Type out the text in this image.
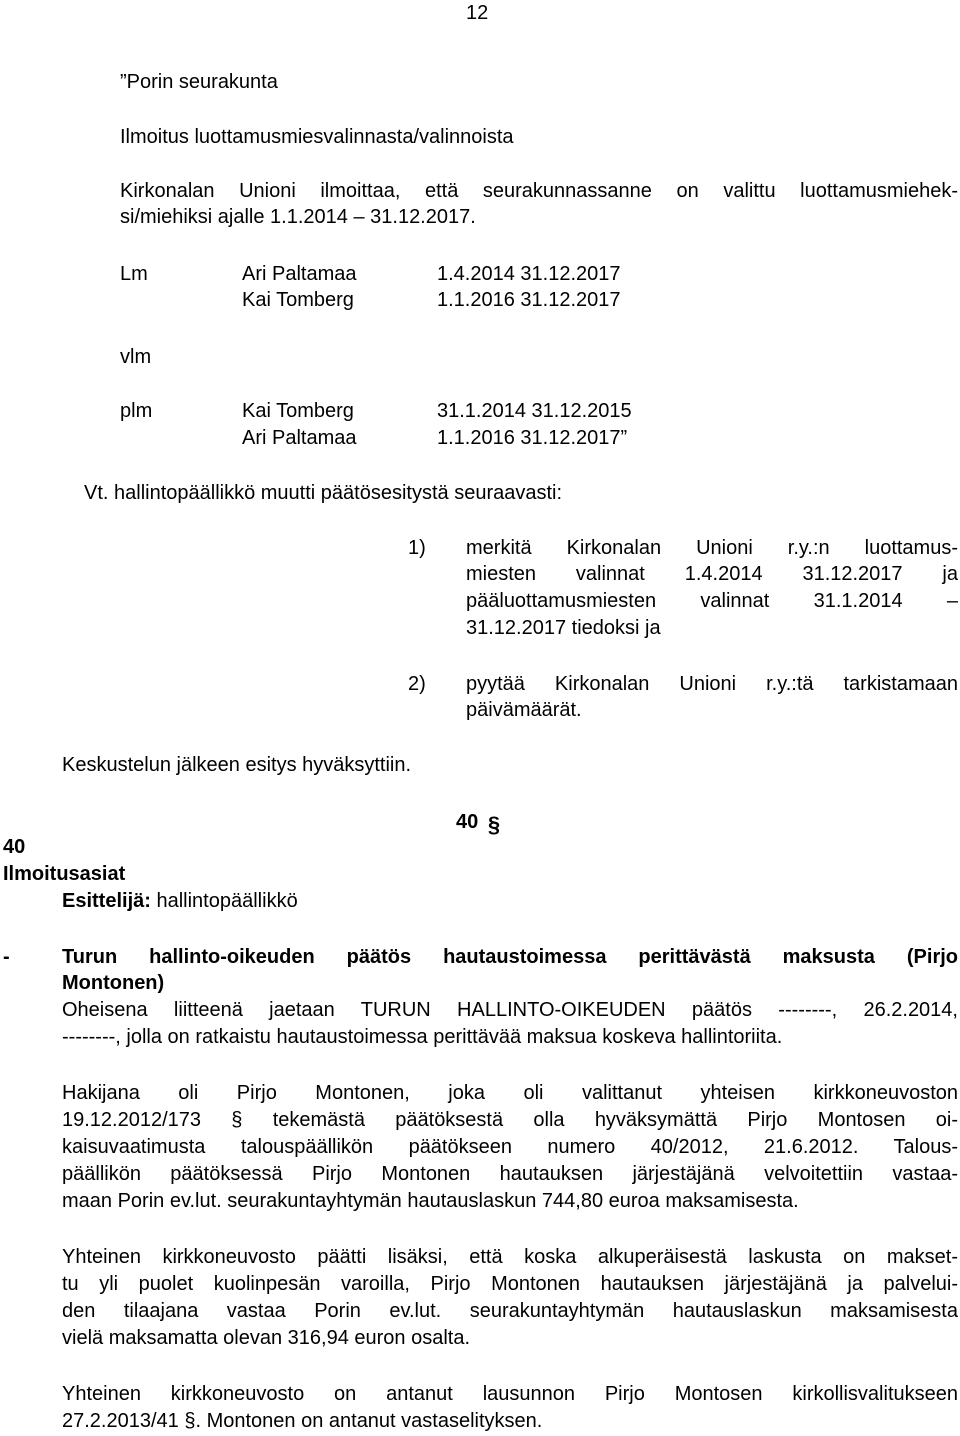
12
”Porin seurakunta
Ilmoitus luottamusmiesvalinnasta/valinnoista
Kirkonalan Unioni ilmoittaa, että seurakunnassanne on valittu luottamusmiehek-
si/miehiksi ajalle 1.1.2014 – 31.12.2017.
Lm	Ari Paltamaa	1.4.2014 31.12.2017
Kai Tomberg	1.1.2016 31.12.2017
vlm
plm	Kai Tomberg	31.1.2014 31.12.2015
Ari Paltamaa	1.1.2016 31.12.2017”
Vt. hallintopäällikkö muutti päätösesitystä seuraavasti:
1) merkitä Kirkonalan Unioni r.y.:n luottamus-
miesten valinnat 1.4.2014 31.12.2017 ja
pääluottamusmiesten valinnat 31.1.2014 –
31.12.2017 tiedoksi ja
2) pyytää Kirkonalan Unioni r.y.:tä tarkistamaan
päivämäärät.
Keskustelun jälkeen esitys hyväksyttiin.
40 §
40
Ilmoitusasiat
Esittelijä: hallintopäällikkö
-	Turun hallinto-oikeuden päätös hautaustoimessa perittävästä maksusta (Pirjo
Montonen)
Oheisena liitteenä jaetaan TURUN HALLINTO-OIKEUDEN päätös --------, 26.2.2014,
--------, jolla on ratkaistu hautaustoimessa perittävää maksua koskeva hallintoriita.
Hakijana oli Pirjo Montonen, joka oli valittanut yhteisen kirkkoneuvoston
19.12.2012/173 § tekemästä päätöksestä olla hyväksymättä Pirjo Montosen oi-
kaisuvaatimusta talouspäällikön päätökseen numero 40/2012, 21.6.2012. Talous-
päällikön päätöksessä Pirjo Montonen hautauksen järjestäjänä velvoitettiin vastaa-
maan Porin ev.lut. seurakuntayhtymän hautauslaskun 744,80 euroa maksamisesta.
Yhteinen kirkkoneuvosto päätti lisäksi, että koska alkuperäisestä laskusta on makset-
tu yli puolet kuolinpesän varoilla, Pirjo Montonen hautauksen järjestäjänä ja palvelui-
den tilaajana vastaa Porin ev.lut. seurakuntayhtymän hautauslaskun maksamisesta
vielä maksamatta olevan 316,94 euron osalta.
Yhteinen kirkkoneuvosto on antanut lausunnon Pirjo Montosen kirkollisvalitukseen
27.2.2013/41 §. Montonen on antanut vastaselityksen.
